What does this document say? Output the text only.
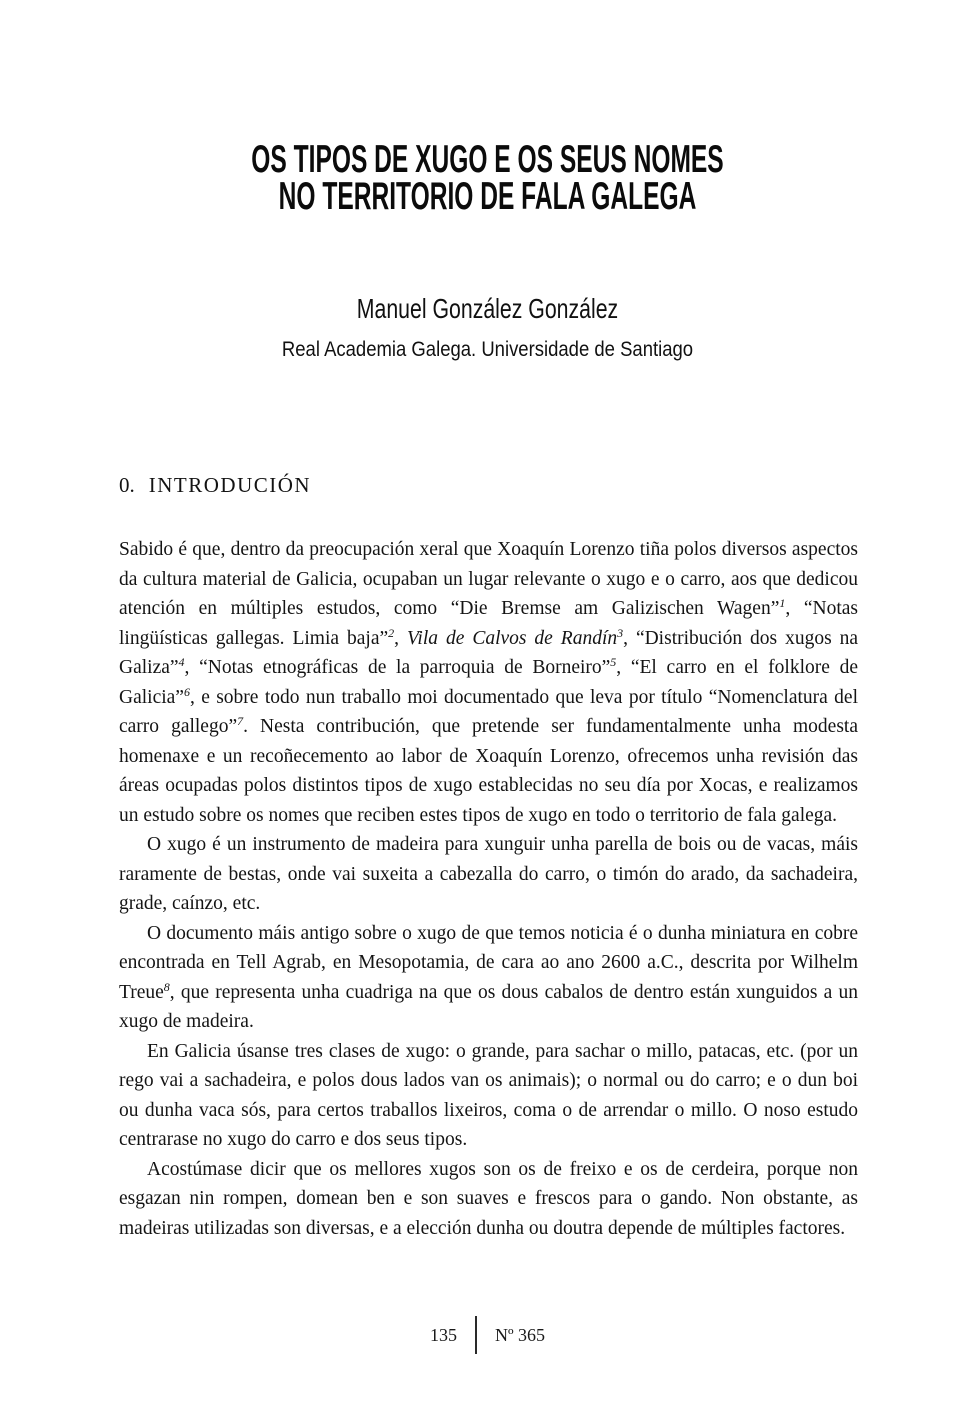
OS TIPOS DE XUGO E OS SEUS NOMES
NO TERRITORIO DE FALA GALEGA
Manuel González González
Real Academia Galega. Universidade de Santiago
0. INTRODUCIÓN

Sabido é que, dentro da preocupación xeral que Xoaquín Lorenzo tiña polos diversos aspectos da cultura material de Galicia, ocupaban un lugar relevante o xugo e o carro, aos que dedicou atención en múltiples estudos, como “Die Bremse am Galizischen Wagen”$^1$, “Notas lingüísticas gallegas. Limia baja”$^2$, Vila de Calvos de Randín$^3$, “Distribución dos xugos na Galiza”$^4$, “Notas etnográficas de la parroquia de Borneiro”$^5$, “El carro en el folklore de Galicia”$^6$, e sobre todo nun traballo moi documentado que leva por título “Nomenclatura del carro gallego”$^7$. Nesta contribución, que pretende ser fundamentalmente unha modesta homenaxe e un recoñecemento ao labor de Xoaquín Lorenzo, ofrecemos unha revisión das áreas ocupadas polos distintos tipos de xugo establecidas no seu día por Xocas, e realizamos un estudo sobre os nomes que reciben estes tipos de xugo en todo o territorio de fala galega.

O xugo é un instrumento de madeira para xunguir unha parella de bois ou de vacas, máis raramente de bestas, onde vai suxeita a cabezalla do carro, o timón do arado, da sachadeira, grade, caínzo, etc.

O documento máis antigo sobre o xugo de que temos noticia é o dunha miniatura en cobre encontrada en Tell Agrab, en Mesopotamia, de cara ao ano 2600 a.C., descrita por Wilhelm Treue$^8$, que representa unha cuadriga na que os dous cabalos de dentro están xunguidos a un xugo de madeira.

En Galicia úsanse tres clases de xugo: o grande, para sachar o millo, patacas, etc. (por un rego vai a sachadeira, e polos dous lados van os animais); o normal ou do carro; e o dun boi ou dunha vaca sós, para certos traballos lixeiros, coma o de arrendar o millo. O noso estudo centrarase no xugo do carro e dos seus tipos.

Acostúmase dicir que os mellores xugos son os de freixo e os de cerdeira, porque non esgazan nin rompen, domean ben e son suaves e frescos para o gando. Non obstante, as madeiras utilizadas son diversas, e a elección dunha ou doutra depende de múltiples factores.

135 Nº 365
